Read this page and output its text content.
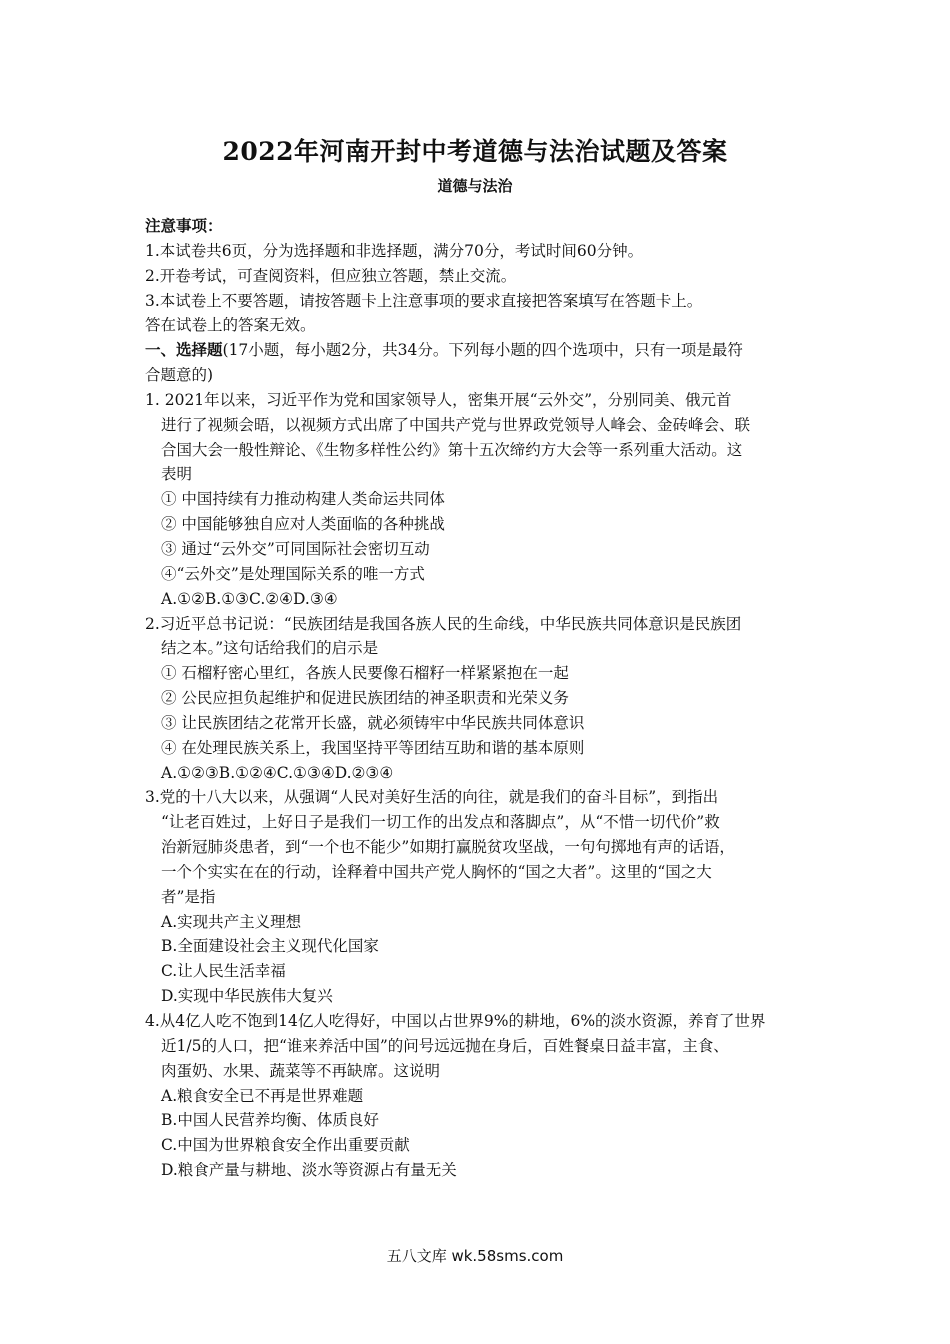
2022年河南开封中考道德与法治试题及答案
道德与法治
注意事项：
1.本试卷共6页，分为选择题和非选择题，满分70分，考试时间60分钟。
2.开卷考试，可查阅资料，但应独立答题，禁止交流。
3.本试卷上不要答题，请按答题卡上注意事项的要求直接把答案填写在答题卡上。
答在试卷上的答案无效。
一、选择题(17小题，每小题2分，共34分。下列每小题的四个选项中，只有一项是最符
合题意的)
1. 2021年以来，习近平作为党和国家领导人，密集开展“云外交”，分别同美、俄元首
进行了视频会晤，以视频方式出席了中国共产党与世界政党领导人峰会、金砖峰会、联
合国大会一般性辩论、《生物多样性公约》第十五次缔约方大会等一系列重大活动。这
表明
① 中国持续有力推动构建人类命运共同体
② 中国能够独自应对人类面临的各种挑战
③ 通过“云外交”可同国际社会密切互动
④“云外交”是处理国际关系的唯一方式
A.①②B.①③C.②④D.③④
2.习近平总书记说：“民族团结是我国各族人民的生命线，中华民族共同体意识是民族团
结之本。”这句话给我们的启示是
① 石榴籽密心里红，各族人民要像石榴籽一样紧紧抱在一起
② 公民应担负起维护和促进民族团结的神圣职责和光荣义务
③ 让民族团结之花常开长盛，就必须铸牢中华民族共同体意识
④ 在处理民族关系上，我国坚持平等团结互助和谐的基本原则
A.①②③B.①②④C.①③④D.②③④
3.党的十八大以来，从强调“人民对美好生活的向往，就是我们的奋斗目标”，到指出
“让老百姓过，上好日子是我们一切工作的出发点和落脚点”，从“不惜一切代价”救
治新冠肺炎患者，到“一个也不能少”如期打赢脱贫攻坚战，一句句掷地有声的话语，
一个个实实在在的行动，诠释着中国共产党人胸怀的“国之大者”。这里的“国之大
者”是指
A.实现共产主义理想
B.全面建设社会主义现代化国家
C.让人民生活幸福
D.实现中华民族伟大复兴
4.从4亿人吃不饱到14亿人吃得好，中国以占世界9%的耕地，6%的淡水资源，养育了世界
近1/5的人口，把“谁来养活中国”的问号远远抛在身后，百姓餐桌日益丰富，主食、
肉蛋奶、水果、蔬菜等不再缺席。这说明
A.粮食安全已不再是世界难题
B.中国人民营养均衡、体质良好
C.中国为世界粮食安全作出重要贡献
D.粮食产量与耕地、淡水等资源占有量无关
五八文库 wk.58sms.com
